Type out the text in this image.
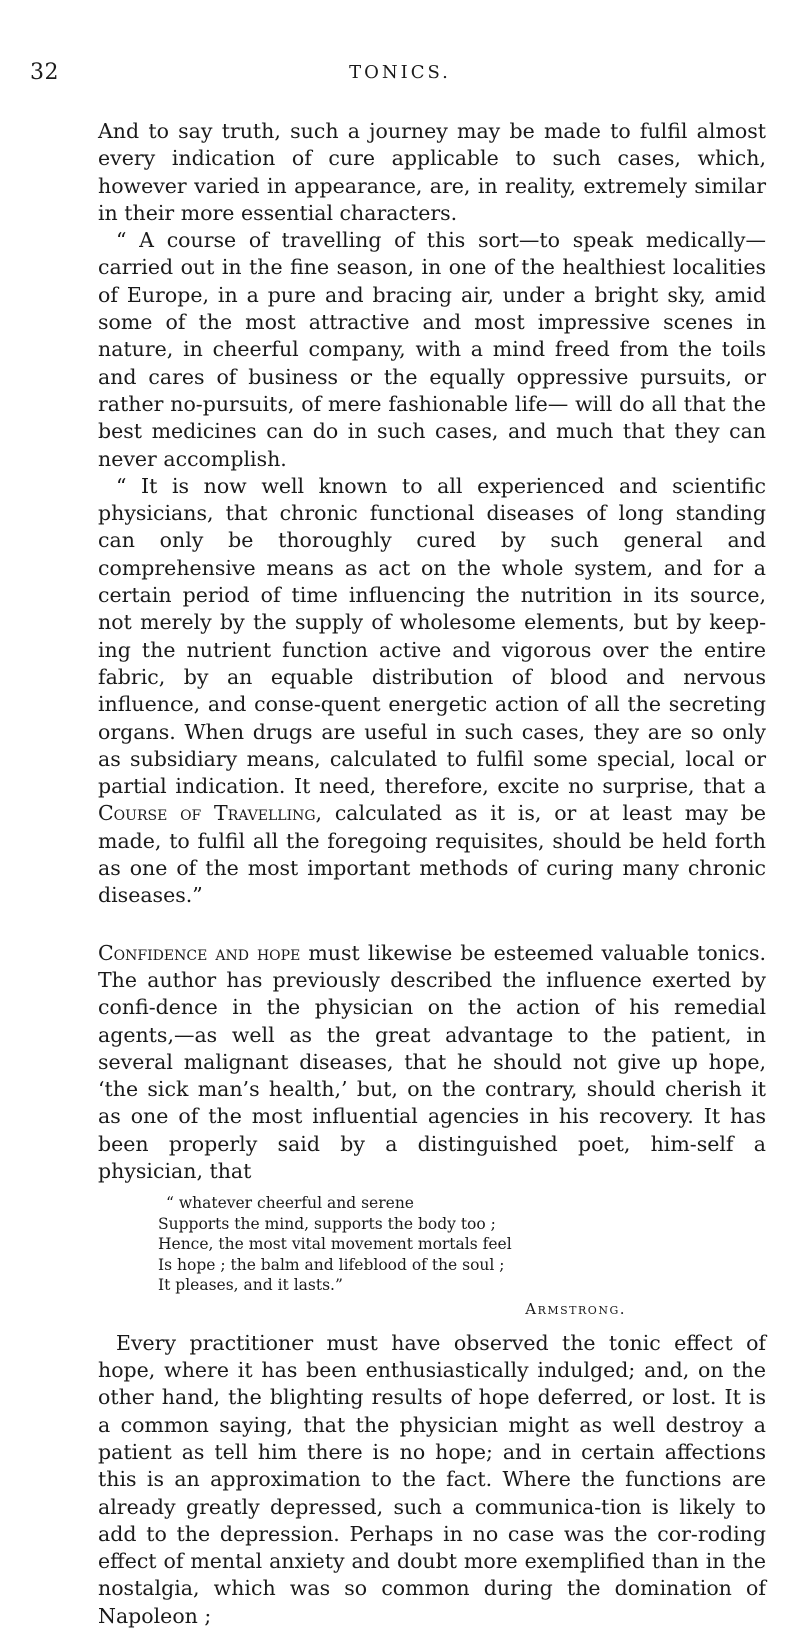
32	TONICS.

And to say truth, such a journey may be made to fulfil almost every indication of cure applicable to such cases, which, however varied in appearance, are, in reality, extremely similar in their more essential characters.

“ A course of travelling of this sort—to speak medically—carried out in the fine season, in one of the healthiest localities of Europe, in a pure and bracing air, under a bright sky, amid some of the most attractive and most impressive scenes in nature, in cheerful company, with a mind freed from the toils and cares of business or the equally oppressive pursuits, or rather no-pursuits, of mere fashionable life— will do all that the best medicines can do in such cases, and much that they can never accomplish.

“ It is now well known to all experienced and scientific physicians, that chronic functional diseases of long standing can only be thoroughly cured by such general and comprehensive means as act on the whole system, and for a certain period of time influencing the nutrition in its source, not merely by the supply of wholesome elements, but by keep-ing the nutrient function active and vigorous over the entire fabric, by an equable distribution of blood and nervous influence, and conse-quent energetic action of all the secreting organs. When drugs are useful in such cases, they are so only as subsidiary means, calculated to fulfil some special, local or partial indication. It need, therefore, excite no surprise, that a Course of Travelling, calculated as it is, or at least may be made, to fulfil all the foregoing requisites, should be held forth as one of the most important methods of curing many chronic diseases.”

Confidence and hope must likewise be esteemed valuable tonics. The author has previously described the influence exerted by confi-dence in the physician on the action of his remedial agents,—as well as the great advantage to the patient, in several malignant diseases, that he should not give up hope, ‘the sick man’s health,’ but, on the contrary, should cherish it as one of the most influential agencies in his recovery. It has been properly said by a distinguished poet, him-self a physician, that

“ whatever cheerful and serene
Supports the mind, supports the body too ;
Hence, the most vital movement mortals feel
Is hope ; the balm and lifeblood of the soul ;
It pleases, and it lasts.”
Armstrong.

Every practitioner must have observed the tonic effect of hope, where it has been enthusiastically indulged; and, on the other hand, the blighting results of hope deferred, or lost. It is a common saying, that the physician might as well destroy a patient as tell him there is no hope; and in certain affections this is an approximation to the fact. Where the functions are already greatly depressed, such a communica-tion is likely to add to the depression. Perhaps in no case was the cor-roding effect of mental anxiety and doubt more exemplified than in the nostalgia, which was so common during the domination of Napoleon ;
